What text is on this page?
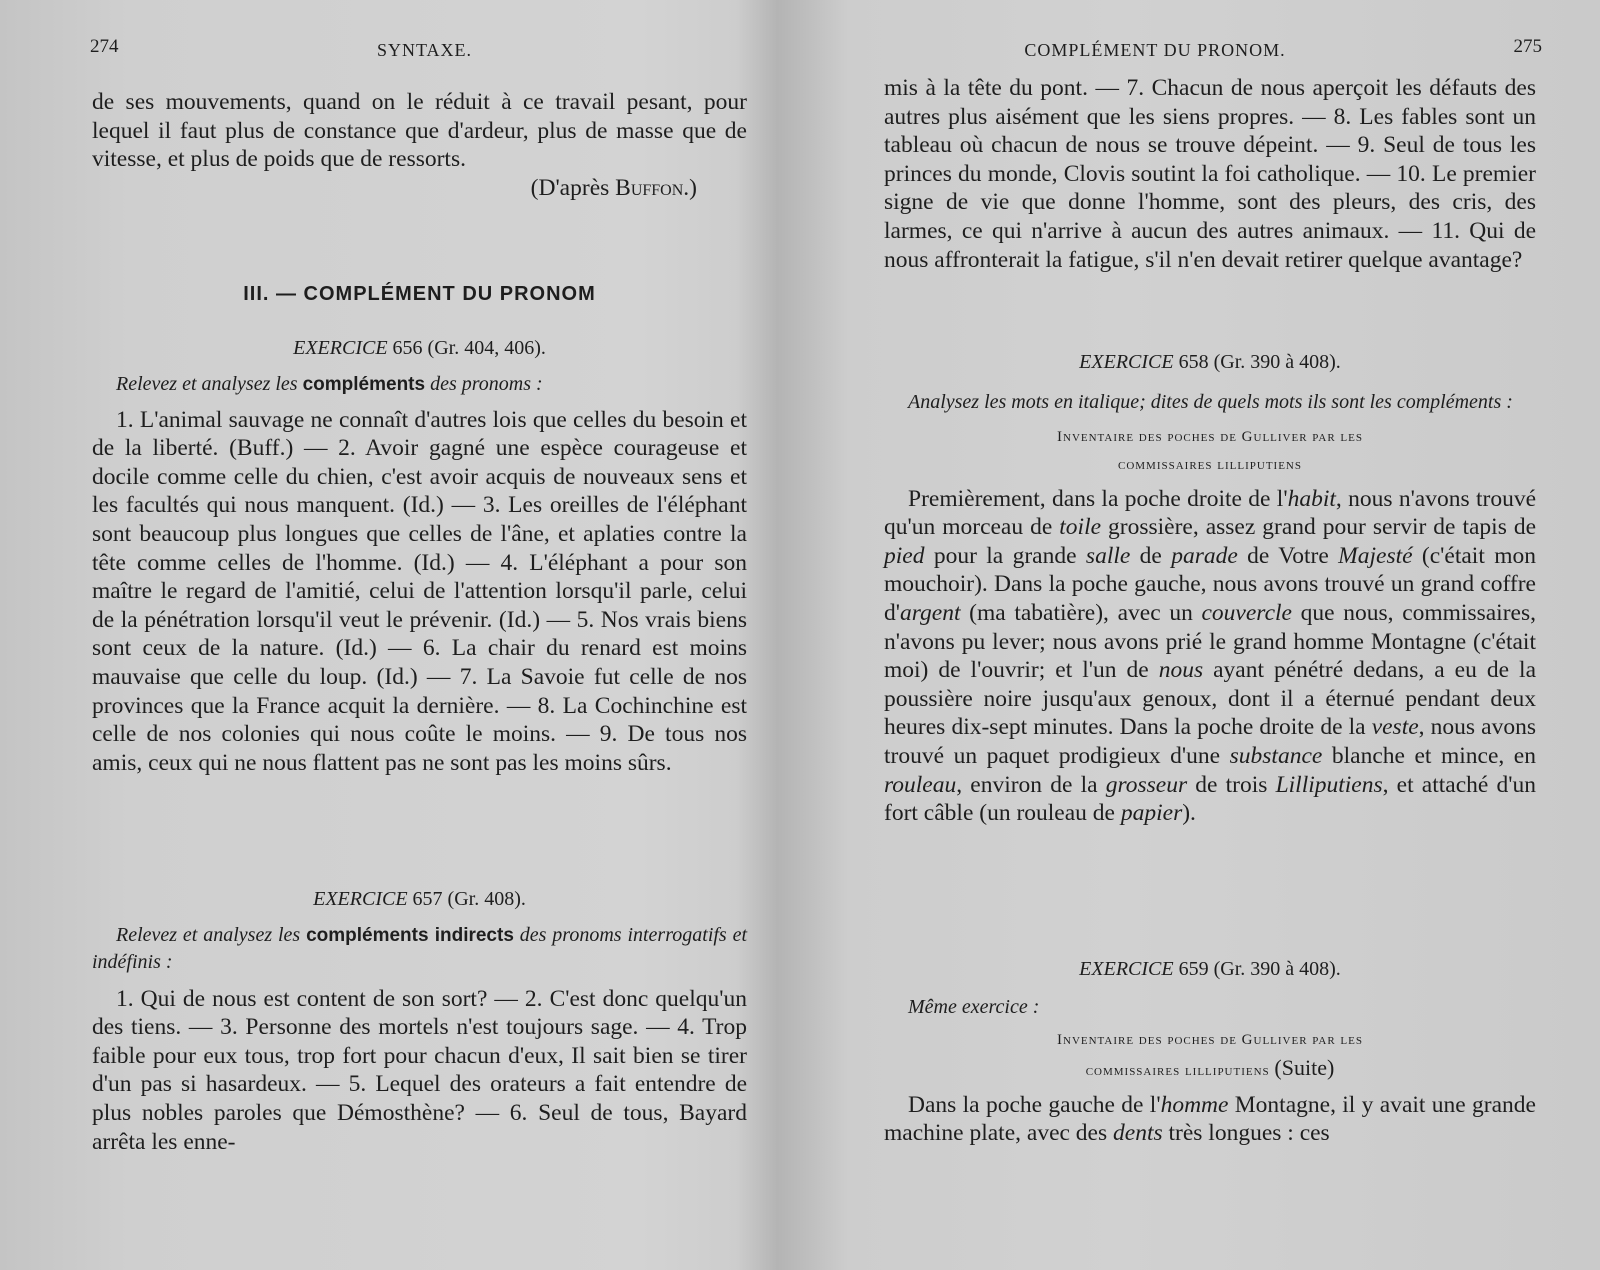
274	SYNTAXE.

de ses mouvements, quand on le réduit à ce travail pesant, pour lequel il faut plus de constance que d'ardeur, plus de masse que de vitesse, et plus de poids que de ressorts.

(D'après Buffon.)

III. — COMPLÉMENT DU PRONOM

EXERCICE 656 (Gr. 404, 406).

Relevez et analysez les compléments des pronoms :

1. L'animal sauvage ne connaît d'autres lois que celles du besoin et de la liberté. (Buff.) — 2. Avoir gagné une espèce courageuse et docile comme celle du chien, c'est avoir acquis de nouveaux sens et les facultés qui nous manquent. (Id.) — 3. Les oreilles de l'éléphant sont beaucoup plus longues que celles de l'âne, et aplaties contre la tête comme celles de l'homme. (Id.) — 4. L'éléphant a pour son maître le regard de l'amitié, celui de l'attention lorsqu'il parle, celui de la pénétration lorsqu'il veut le prévenir. (Id.) — 5. Nos vrais biens sont ceux de la nature. (Id.) — 6. La chair du renard est moins mauvaise que celle du loup. (Id.) — 7. La Savoie fut celle de nos provinces que la France acquit la dernière. — 8. La Cochinchine est celle de nos colonies qui nous coûte le moins. — 9. De tous nos amis, ceux qui ne nous flattent pas ne sont pas les moins sûrs.

EXERCICE 657 (Gr. 408).

Relevez et analysez les compléments indirects des pronoms interrogatifs et indéfinis :

1. Qui de nous est content de son sort? — 2. C'est donc quelqu'un des tiens. — 3. Personne des mortels n'est toujours sage. — 4. Trop faible pour eux tous, trop fort pour chacun d'eux, Il sait bien se tirer d'un pas si hasardeux. — 5. Lequel des orateurs a fait entendre de plus nobles paroles que Démosthène? — 6. Seul de tous, Bayard arrêta les enne-

COMPLÉMENT DU PRONOM.	275

mis à la tête du pont. — 7. Chacun de nous aperçoit les défauts des autres plus aisément que les siens propres. — 8. Les fables sont un tableau où chacun de nous se trouve dépeint. — 9. Seul de tous les princes du monde, Clovis soutint la foi catholique. — 10. Le premier signe de vie que donne l'homme, sont des pleurs, des cris, des larmes, ce qui n'arrive à aucun des autres animaux. — 11. Qui de nous affronterait la fatigue, s'il n'en devait retirer quelque avantage?

EXERCICE 658 (Gr. 390 à 408).

Analysez les mots en italique; dites de quels mots ils sont les compléments :

Inventaire des poches de Gulliver par les

commissaires lilliputiens

Premièrement, dans la poche droite de l'habit, nous n'avons trouvé qu'un morceau de toile grossière, assez grand pour servir de tapis de pied pour la grande salle de parade de Votre Majesté (c'était mon mouchoir). Dans la poche gauche, nous avons trouvé un grand coffre d'argent (ma tabatière), avec un couvercle que nous, commissaires, n'avons pu lever; nous avons prié le grand homme Montagne (c'était moi) de l'ouvrir; et l'un de nous ayant pénétré dedans, a eu de la poussière noire jusqu'aux genoux, dont il a éternué pendant deux heures dix-sept minutes. Dans la poche droite de la veste, nous avons trouvé un paquet prodigieux d'une substance blanche et mince, en rouleau, environ de la grosseur de trois Lilliputiens, et attaché d'un fort câble (un rouleau de papier).

EXERCICE 659 (Gr. 390 à 408).

Même exercice :

Inventaire des poches de Gulliver par les

commissaires lilliputiens (Suite)

Dans la poche gauche de l'homme Montagne, il y avait une grande machine plate, avec des dents très longues : ces
